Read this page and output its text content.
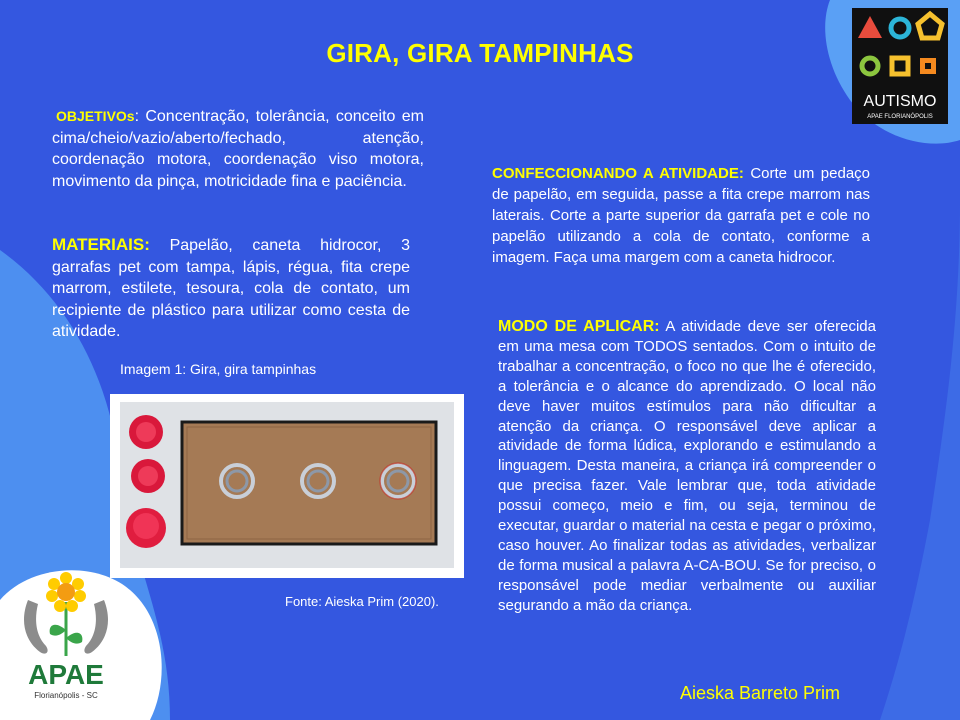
GIRA, GIRA TAMPINHAS
OBJETIVOs: Concentração, tolerância, conceito em cima/cheio/vazio/aberto/fechado, atenção, coordenação motora, coordenação viso motora, movimento da pinça, motricidade fina e paciência.
MATERIAIS: Papelão, caneta hidrocor, 3 garrafas pet com tampa, lápis, régua, fita crepe marrom, estilete, tesoura, cola de contato, um recipiente de plástico para utilizar como cesta de atividade.
Imagem 1: Gira, gira tampinhas
Fonte: Aieska Prim (2020).
CONFECCIONANDO A ATIVIDADE: Corte um pedaço de papelão, em seguida, passe a fita crepe marrom nas laterais. Corte a parte superior da garrafa pet e cole no papelão utilizando a cola de contato, conforme a imagem. Faça uma margem com a caneta hidrocor.
MODO DE APLICAR: A atividade deve ser oferecida em uma mesa com TODOS sentados. Com o intuito de trabalhar a concentração, o foco no que lhe é oferecido, a tolerância e o alcance do aprendizado. O local não deve haver muitos estímulos para não dificultar a atenção da criança. O responsável deve aplicar a atividade de forma lúdica, explorando e estimulando a linguagem. Desta maneira, a criança irá compreender o que precisa fazer. Vale lembrar que, toda atividade possui começo, meio e fim, ou seja, terminou de executar, guardar o material na cesta e pegar o próximo, caso houver. Ao finalizar todas as atividades, verbalizar de forma musical a palavra A-CA-BOU. Se for preciso, o responsável pode mediar verbalmente ou auxiliar segurando a mão da criança.
Aieska Barreto Prim
AUTISMO
APAE FLORIANÓPOLIS
APAE
Florianópolis - SC
